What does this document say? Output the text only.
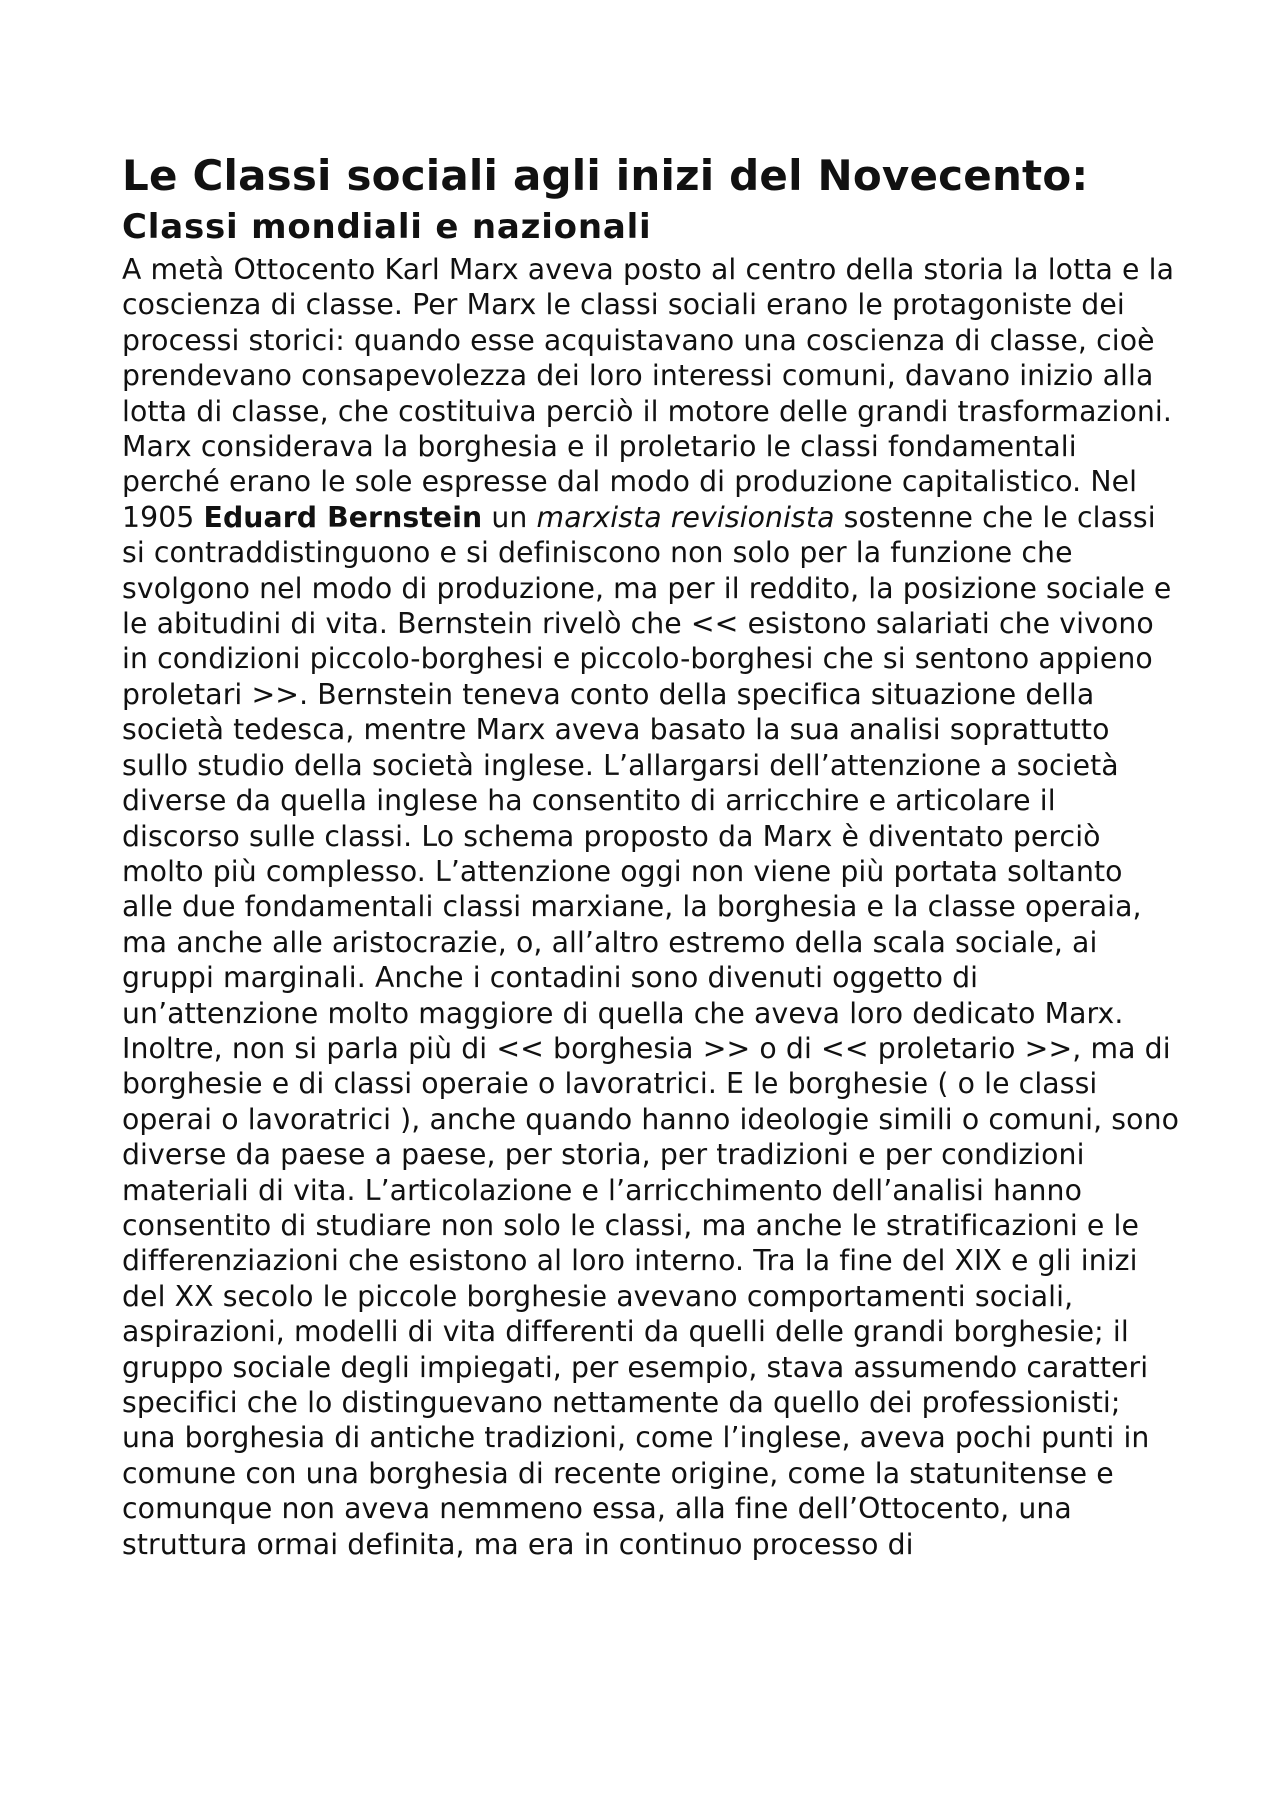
Le Classi sociali agli inizi del Novecento:
Classi mondiali e nazionali

A metà Ottocento Karl Marx aveva posto al centro della storia la lotta e la coscienza di classe. Per Marx le classi sociali erano le protagoniste dei processi storici: quando esse acquistavano una coscienza di classe, cioè prendevano consapevolezza dei loro interessi comuni, davano inizio alla lotta di classe, che costituiva perciò il motore delle grandi trasformazioni. Marx considerava la borghesia e il proletario le classi fondamentali perché erano le sole espresse dal modo di produzione capitalistico. Nel 1905 Eduard Bernstein un marxista revisionista sostenne che le classi si contraddistinguono e si definiscono non solo per la funzione che svolgono nel modo di produzione, ma per il reddito, la posizione sociale e le abitudini di vita. Bernstein rivelò che << esistono salariati che vivono in condizioni piccolo-borghesi e piccolo-borghesi che si sentono appieno proletari >>. Bernstein teneva conto della specifica situazione della società tedesca, mentre Marx aveva basato la sua analisi soprattutto sullo studio della società inglese. L’allargarsi dell’attenzione a società diverse da quella inglese ha consentito di arricchire e articolare il discorso sulle classi. Lo schema proposto da Marx è diventato perciò molto più complesso. L’attenzione oggi non viene più portata soltanto alle due fondamentali classi marxiane, la borghesia e la classe operaia, ma anche alle aristocrazie, o, all’altro estremo della scala sociale, ai gruppi marginali. Anche i contadini sono divenuti oggetto di un’attenzione molto maggiore di quella che aveva loro dedicato Marx. Inoltre, non si parla più di << borghesia >> o di << proletario >>, ma di borghesie e di classi operaie o lavoratrici. E le borghesie ( o le classi operai o lavoratrici ), anche quando hanno ideologie simili o comuni, sono diverse da paese a paese, per storia, per tradizioni e per condizioni materiali di vita. L’articolazione e l’arricchimento dell’analisi hanno consentito di studiare non solo le classi, ma anche le stratificazioni e le differenziazioni che esistono al loro interno. Tra la fine del XIX e gli inizi del XX secolo le piccole borghesie avevano comportamenti sociali, aspirazioni, modelli di vita differenti da quelli delle grandi borghesie; il gruppo sociale degli impiegati, per esempio, stava assumendo caratteri specifici che lo distinguevano nettamente da quello dei professionisti; una borghesia di antiche tradizioni, come l’inglese, aveva pochi punti in comune con una borghesia di recente origine, come la statunitense e comunque non aveva nemmeno essa, alla fine dell’Ottocento, una struttura ormai definita, ma era in continuo processo di
